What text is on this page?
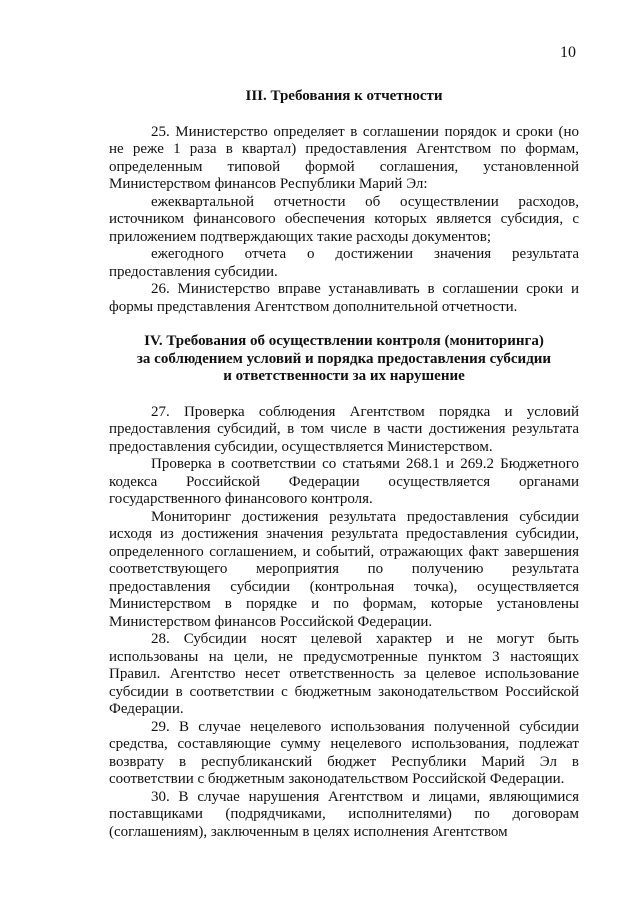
10

III. Требования к отчетности

25. Министерство определяет в соглашении порядок и сроки (но не реже 1 раза в квартал) предоставления Агентством по формам, определенным типовой формой соглашения, установленной Министерством финансов Республики Марий Эл:

ежеквартальной отчетности об осуществлении расходов, источником финансового обеспечения которых является субсидия, с приложением подтверждающих такие расходы документов;

ежегодного отчета о достижении значения результата предоставления субсидии.

26. Министерство вправе устанавливать в соглашении сроки и формы представления Агентством дополнительной отчетности.

IV. Требования об осуществлении контроля (мониторинга)

за соблюдением условий и порядка предоставления субсидии

и ответственности за их нарушение

27. Проверка соблюдения Агентством порядка и условий предоставления субсидий, в том числе в части достижения результата предоставления субсидии, осуществляется Министерством.

Проверка в соответствии со статьями 268.1 и 269.2 Бюджетного кодекса Российской Федерации осуществляется органами государственного финансового контроля.

Мониторинг достижения результата предоставления субсидии исходя из достижения значения результата предоставления субсидии, определенного соглашением, и событий, отражающих факт завершения соответствующего мероприятия по получению результата предоставления субсидии (контрольная точка), осуществляется Министерством в порядке и по формам, которые установлены Министерством финансов Российской Федерации.

28. Субсидии носят целевой характер и не могут быть использованы на цели, не предусмотренные пунктом 3 настоящих Правил. Агентство несет ответственность за целевое использование субсидии в соответствии с бюджетным законодательством Российской Федерации.

29. В случае нецелевого использования полученной субсидии средства, составляющие сумму нецелевого использования, подлежат возврату в республиканский бюджет Республики Марий Эл в соответствии с бюджетным законодательством Российской Федерации.

30. В случае нарушения Агентством и лицами, являющимися поставщиками (подрядчиками, исполнителями) по договорам (соглашениям), заключенным в целях исполнения Агентством
